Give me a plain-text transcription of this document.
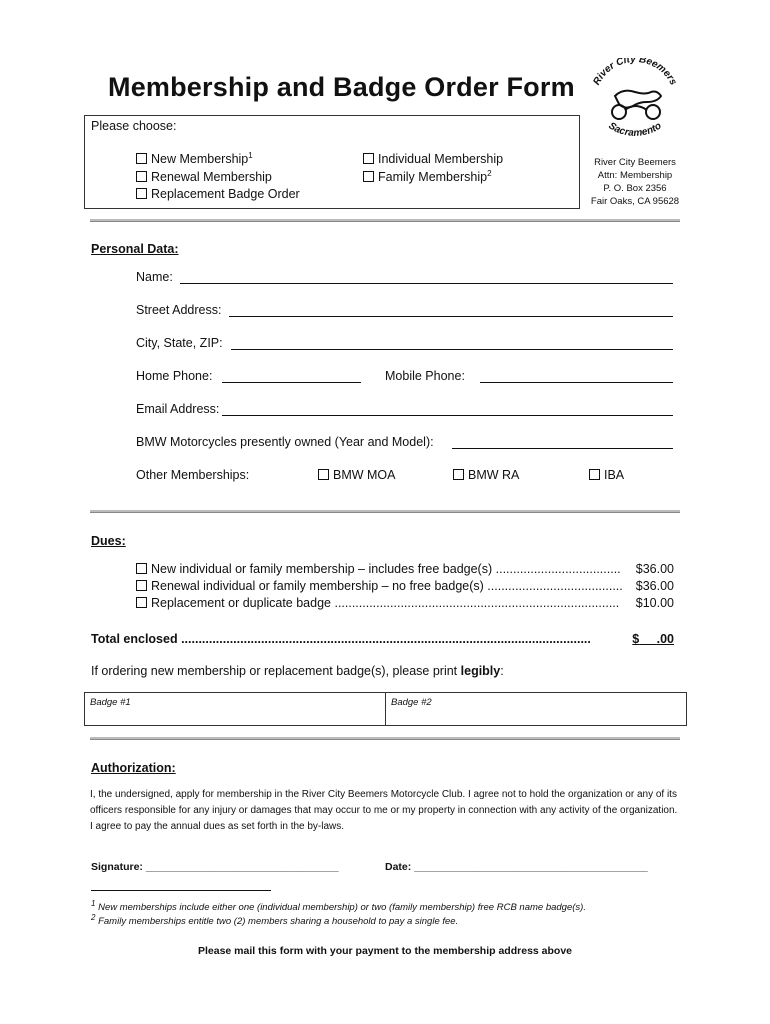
Membership and Badge Order Form River City Beemers
Sacramento
River City Beemers
Attn: Membership
P. O. Box 2356
Fair Oaks, CA 95628
Please choose:
New Membership$^1$
Renewal Membership
Replacement Badge Order
Individual Membership
Family Membership$^2$
Personal Data:
Name:
Street Address:
City, State, ZIP:
Home Phone:	Mobile Phone:
Email Address:
BMW Motorcycles presently owned (Year and Model):
Other Memberships:	BMW MOA	BMW RA	IBA
Dues:
New individual or family membership – includes free badge(s) .................................... $36.00
Renewal individual or family membership – no free badge(s) ....................................... $36.00
Replacement or duplicate badge .................................................................................. $10.00
Total enclosed ......................................................................................................................	$ .00
If ordering new membership or replacement badge(s), please print legibly:
Badge #1	Badge #2
Authorization:
I, the undersigned, apply for membership in the River City Beemers Motorcycle Club. I agree not to hold the organization or any of its officers responsible for any injury or damages that may occur to me or my property in connection with any activity of the organization. I agree to pay the annual dues as set forth in the by-laws.
Signature: _________________________________	Date: ________________________________________
$^1$ New memberships include either one (individual membership) or two (family membership) free RCB name badge(s).
$^2$ Family memberships entitle two (2) members sharing a household to pay a single fee.
Please mail this form with your payment to the membership address above
